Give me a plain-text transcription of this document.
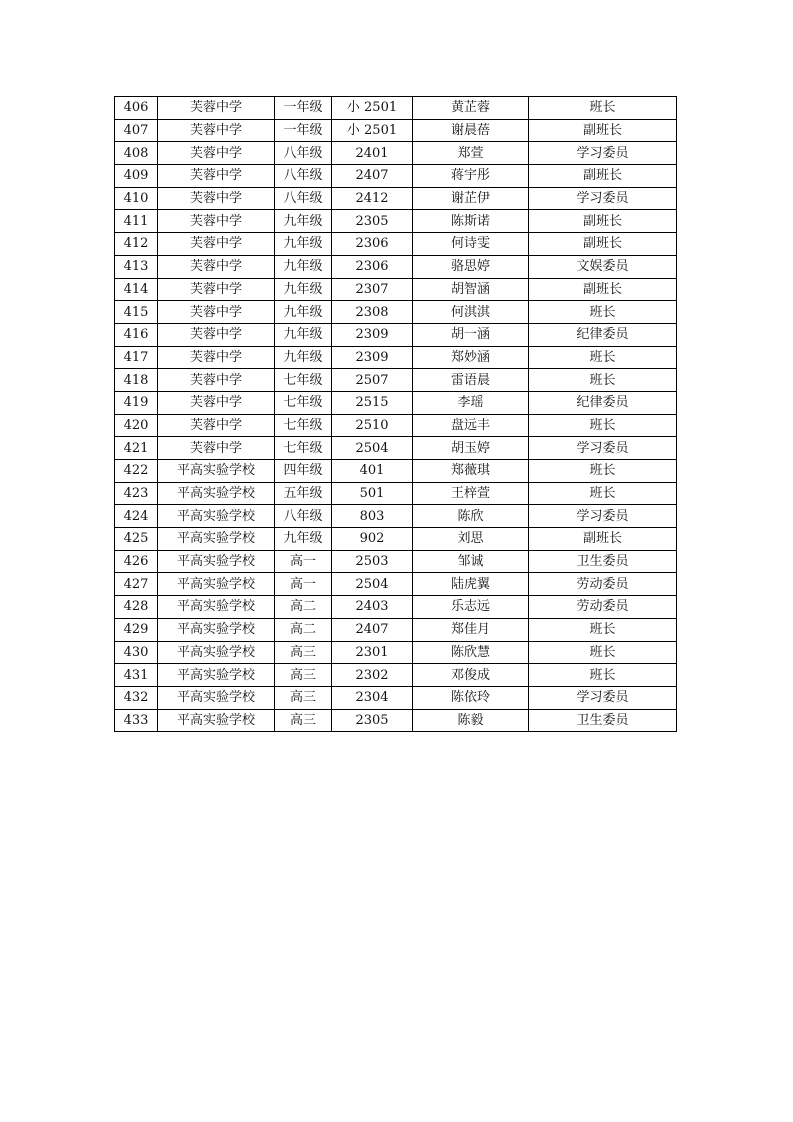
406	芙蓉中学	一年级	小 2501	黄芷蓉	班长
407	芙蓉中学	一年级	小 2501	谢晨蓓	副班长
408	芙蓉中学	八年级	2401	郑萱	学习委员
409	芙蓉中学	八年级	2407	蒋宇彤	副班长
410	芙蓉中学	八年级	2412	谢芷伊	学习委员
411	芙蓉中学	九年级	2305	陈斯诺	副班长
412	芙蓉中学	九年级	2306	何诗雯	副班长
413	芙蓉中学	九年级	2306	骆思婷	文娱委员
414	芙蓉中学	九年级	2307	胡智涵	副班长
415	芙蓉中学	九年级	2308	何淇淇	班长
416	芙蓉中学	九年级	2309	胡一涵	纪律委员
417	芙蓉中学	九年级	2309	郑妙涵	班长
418	芙蓉中学	七年级	2507	雷语晨	班长
419	芙蓉中学	七年级	2515	李瑶	纪律委员
420	芙蓉中学	七年级	2510	盘远丰	班长
421	芙蓉中学	七年级	2504	胡玉婷	学习委员
422	平高实验学校	四年级	401	郑薇琪	班长
423	平高实验学校	五年级	501	王梓萱	班长
424	平高实验学校	八年级	803	陈欣	学习委员
425	平高实验学校	九年级	902	刘思	副班长
426	平高实验学校	高一	2503	邹诚	卫生委员
427	平高实验学校	高一	2504	陆虎翼	劳动委员
428	平高实验学校	高二	2403	乐志远	劳动委员
429	平高实验学校	高二	2407	郑佳月	班长
430	平高实验学校	高三	2301	陈欣慧	班长
431	平高实验学校	高三	2302	邓俊成	班长
432	平高实验学校	高三	2304	陈依玲	学习委员
433	平高实验学校	高三	2305	陈毅	卫生委员
